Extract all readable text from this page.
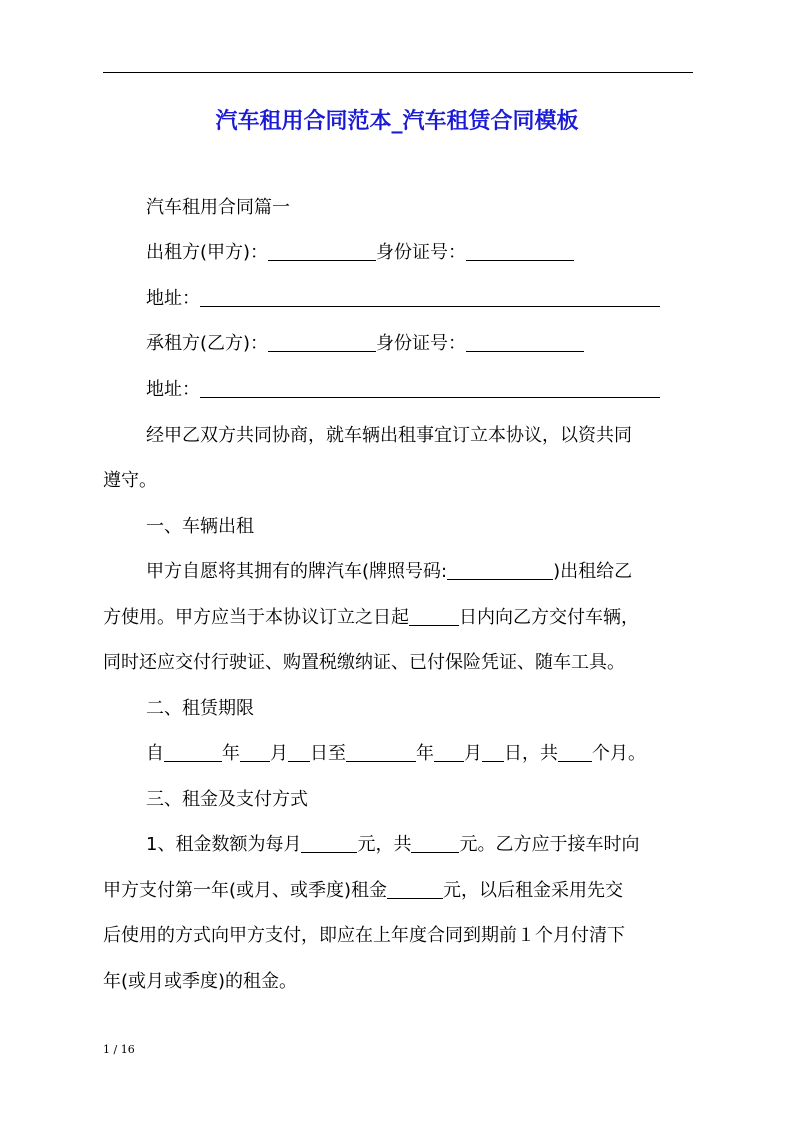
汽车租用合同范本_汽车租赁合同模板
汽车租用合同篇一
出租方(甲方)：	身份证号：
地址：
承租方(乙方)：	身份证号：
地址：
经甲乙双方共同协商，就车辆出租事宜订立本协议，以资共同
遵守。
一、车辆出租
甲方自愿将其拥有的牌汽车(牌照号码:	)出租给乙
方使用。甲方应当于本协议订立之日起	日内向乙方交付车辆，
同时还应交付行驶证、购置税缴纳证、已付保险凭证、随车工具。
二、租赁期限
自	年 月 日至	年 月 日，共 个月。
三、租金及支付方式
1、租金数额为每月	元，共	元。乙方应于接车时向
甲方支付第一年(或月、或季度)租金	元，以后租金采用先交
后使用的方式向甲方支付，即应在上年度合同到期前１个月付清下
年(或月或季度)的租金。
1 / 16
